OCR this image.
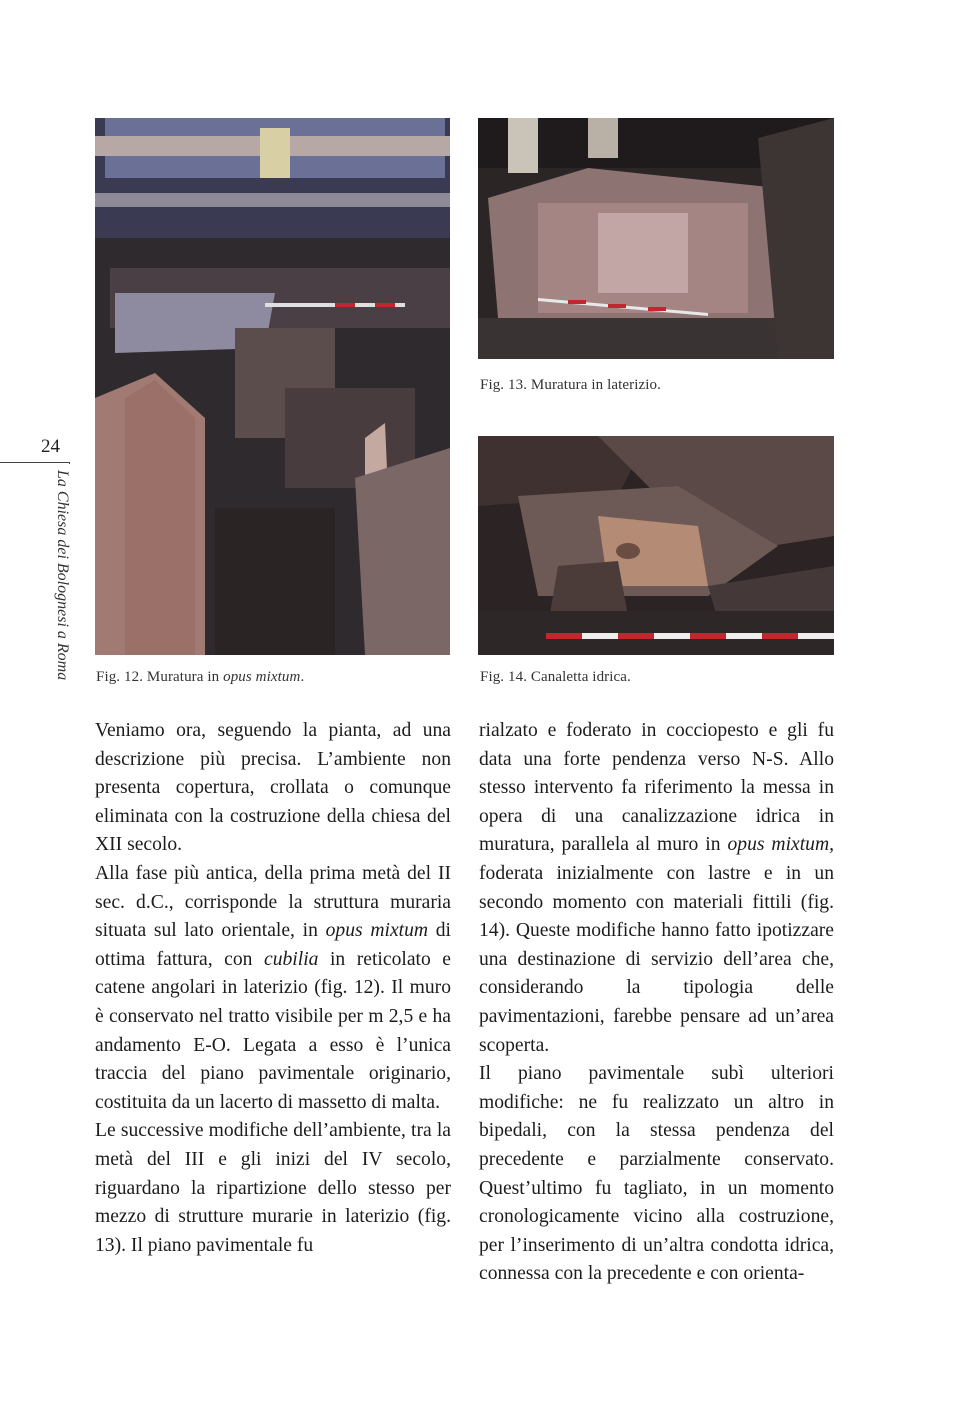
Fig. 12. Muratura in opus mixtum.
Fig. 13. Muratura in laterizio.
Fig. 14. Canaletta idrica.
24
La Chiesa dei Bolognesi a Roma

Veniamo ora, seguendo la pianta, ad una descrizione più precisa. L’ambiente non presenta copertura, crollata o comunque eliminata con la costruzione della chiesa del XII secolo.

Alla fase più antica, della prima metà del II sec. d.C., corrisponde la struttura muraria situata sul lato orientale, in opus mixtum di ottima fattura, con cubilia in reticolato e catene angolari in laterizio (fig. 12). Il muro è conservato nel tratto visibile per m 2,5 e ha andamento E-O. Legata a esso è l’unica traccia del piano pavimentale originario, costituita da un lacerto di massetto di malta.

Le successive modifiche dell’ambiente, tra la metà del III e gli inizi del IV secolo, riguardano la ripartizione dello stesso per mezzo di strutture murarie in laterizio (fig. 13). Il piano pavimentale fu

rialzato e foderato in cocciopesto e gli fu data una forte pendenza verso N-S. Allo stesso intervento fa riferimento la messa in opera di una canalizzazione idrica in muratura, parallela al muro in opus mixtum, foderata inizialmente con lastre e in un secondo momento con materiali fittili (fig. 14). Queste modifiche hanno fatto ipotizzare una destinazione di servizio dell’area che, considerando la tipologia delle pavimentazioni, farebbe pensare ad un’area scoperta.

Il piano pavimentale subì ulteriori modifiche: ne fu realizzato un altro in bipedali, con la stessa pendenza del precedente e parzialmente conservato. Quest’ultimo fu tagliato, in un momento cronologicamente vicino alla costruzione, per l’inserimento di un’altra condotta idrica, connessa con la precedente e con orienta-
